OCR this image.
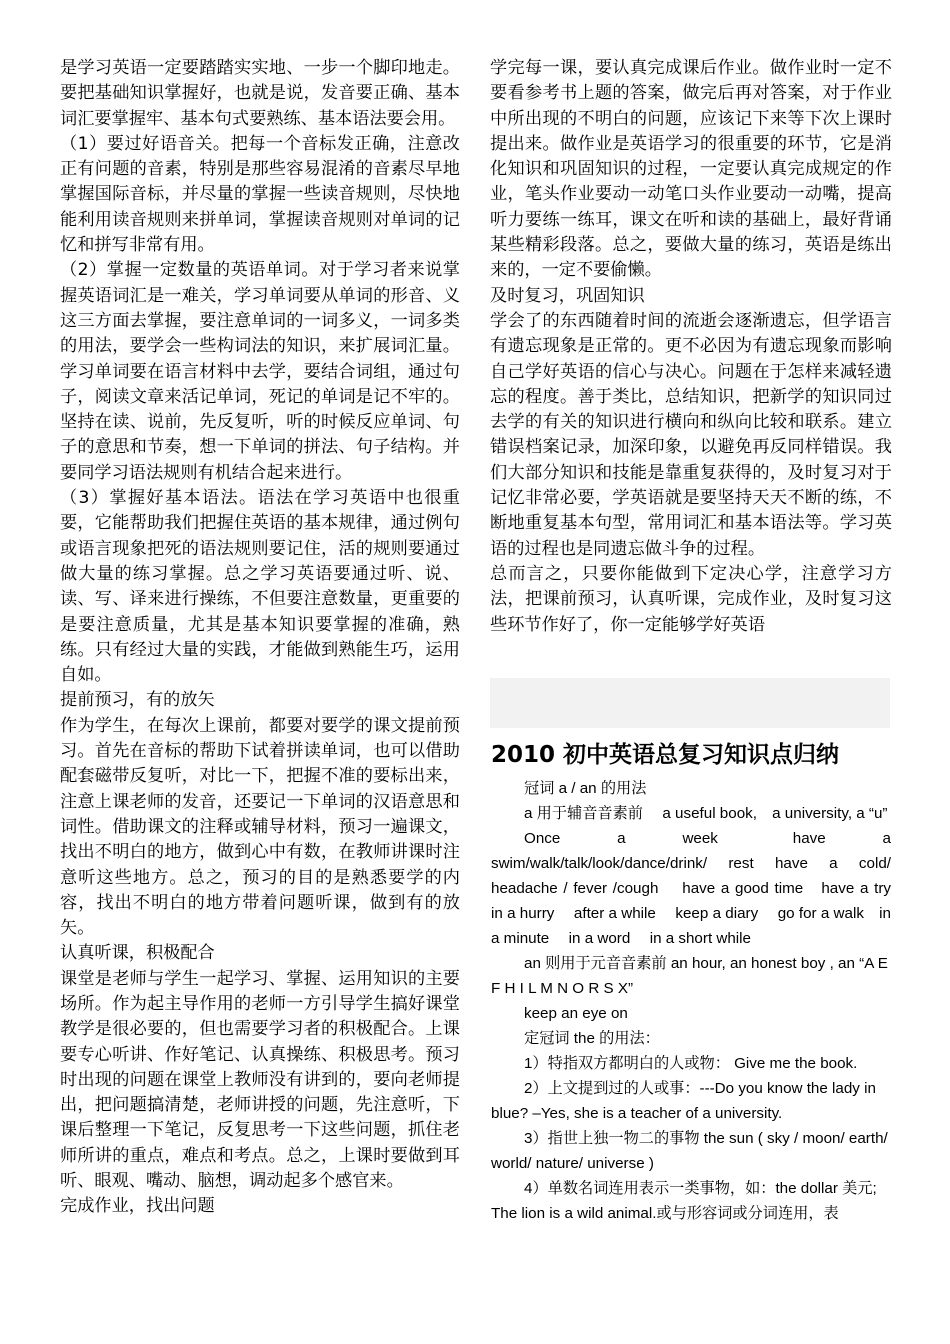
是学习英语一定要踏踏实实地、一步一个脚印地走。要把基础知识掌握好，也就是说，发音要正确、基本词汇要掌握牢、基本句式要熟练、基本语法要会用。

（1）要过好语音关。把每一个音标发正确，注意改正有问题的音素，特别是那些容易混淆的音素尽早地掌握国际音标，并尽量的掌握一些读音规则，尽快地能利用读音规则来拼单词，掌握读音规则对单词的记忆和拼写非常有用。

（2）掌握一定数量的英语单词。对于学习者来说掌握英语词汇是一难关，学习单词要从单词的形音、义这三方面去掌握，要注意单词的一词多义，一词多类的用法，要学会一些构词法的知识，来扩展词汇量。学习单词要在语言材料中去学，要结合词组，通过句子，阅读文章来活记单词，死记的单词是记不牢的。坚持在读、说前，先反复听，听的时候反应单词、句子的意思和节奏，想一下单词的拼法、句子结构。并要同学习语法规则有机结合起来进行。

（3）掌握好基本语法。语法在学习英语中也很重要，它能帮助我们把握住英语的基本规律，通过例句或语言现象把死的语法规则要记住，活的规则要通过做大量的练习掌握。总之学习英语要通过听、说、读、写、译来进行操练，不但要注意数量，更重要的是要注意质量，尤其是基本知识要掌握的准确，熟练。只有经过大量的实践，才能做到熟能生巧，运用自如。

提前预习，有的放矢

作为学生，在每次上课前，都要对要学的课文提前预习。首先在音标的帮助下试着拼读单词，也可以借助配套磁带反复听，对比一下，把握不准的要标出来，注意上课老师的发音，还要记一下单词的汉语意思和词性。借助课文的注释或辅导材料，预习一遍课文，找出不明白的地方，做到心中有数，在教师讲课时注意听这些地方。总之，预习的目的是熟悉要学的内容，找出不明白的地方带着问题听课，做到有的放矢。

认真听课，积极配合

课堂是老师与学生一起学习、掌握、运用知识的主要场所。作为起主导作用的老师一方引导学生搞好课堂教学是很必要的，但也需要学习者的积极配合。上课要专心听讲、作好笔记、认真操练、积极思考。预习时出现的问题在课堂上教师没有讲到的，要向老师提出，把问题搞清楚，老师讲授的问题，先注意听，下课后整理一下笔记，反复思考一下这些问题，抓住老师所讲的重点，难点和考点。总之，上课时要做到耳听、眼观、嘴动、脑想，调动起多个感官来。

完成作业，找出问题

学完每一课，要认真完成课后作业。做作业时一定不要看参考书上题的答案，做完后再对答案，对于作业中所出现的不明白的问题，应该记下来等下次上课时提出来。做作业是英语学习的很重要的环节，它是消化知识和巩固知识的过程，一定要认真完成规定的作业，笔头作业要动一动笔口头作业要动一动嘴，提高听力要练一练耳，课文在听和读的基础上，最好背诵某些精彩段落。总之，要做大量的练习，英语是练出来的，一定不要偷懒。

及时复习，巩固知识

学会了的东西随着时间的流逝会逐渐遗忘，但学语言有遗忘现象是正常的。更不必因为有遗忘现象而影响自己学好英语的信心与决心。问题在于怎样来减轻遗忘的程度。善于类比，总结知识，把新学的知识同过去学的有关的知识进行横向和纵向比较和联系。建立错误档案记录，加深印象，以避免再反同样错误。我们大部分知识和技能是靠重复获得的，及时复习对于记忆非常必要，学英语就是要坚持天天不断的练，不断地重复基本句型，常用词汇和基本语法等。学习英语的过程也是同遗忘做斗争的过程。

总而言之，只要你能做到下定决心学，注意学习方法，把课前预习，认真听课，完成作业，及时复习这些环节作好了，你一定能够学好英语

2010 初中英语总复习知识点归纳

冠词 a / an 的用法

a 用于辅音音素前　 a useful book,　a university, a “u”

Once　　　a　　　week　　　　have　　　a swim/walk/talk/look/dance/drink/　rest　have　a　cold/ headache / fever /cough　 have a good time　have a try　in a hurry　 after a while　 keep a diary　 go for a walk　in a minute　 in a word　 in a short while

an 则用于元音音素前 an hour, an honest boy , an “A E F H I L M N O R S X”

keep an eye on

定冠词 the 的用法：

1）特指双方都明白的人或物： Give me the book.

2）上文提到过的人或事：---Do you know the lady in blue? –Yes, she is a teacher of a university.

3）指世上独一物二的事物 the sun ( sky / moon/ earth/ world/ nature/ universe )

4）单数名词连用表示一类事物，如：the dollar 美元; The lion is a wild animal.或与形容词或分词连用，表
